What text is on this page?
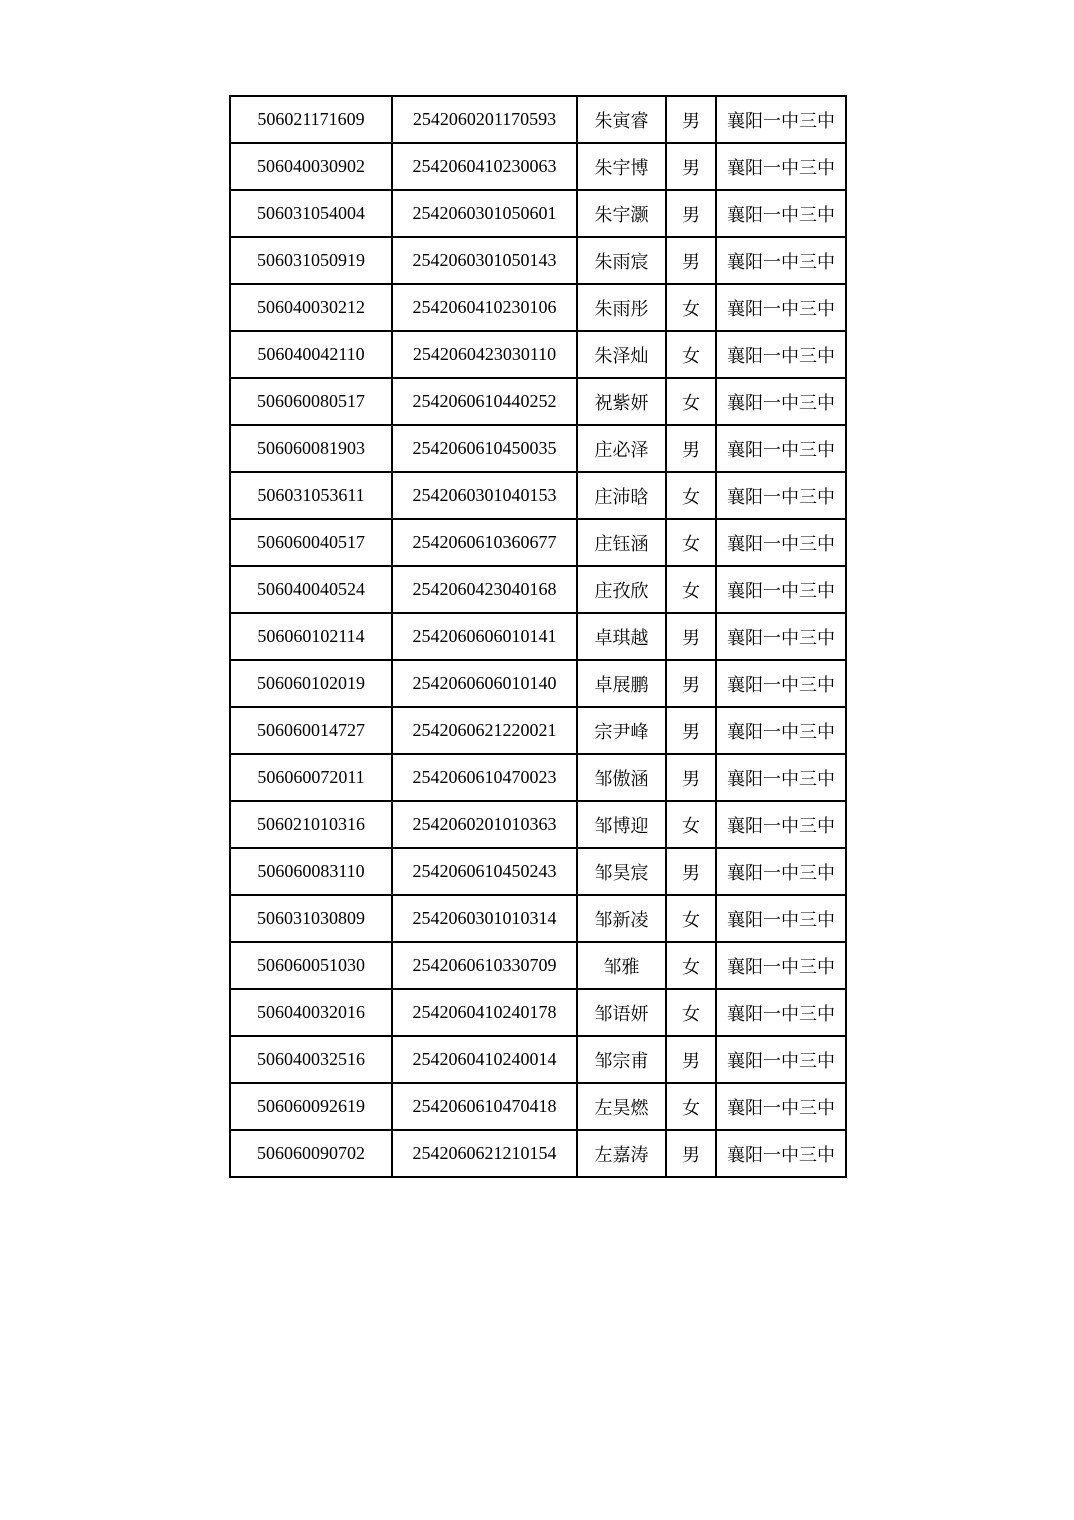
506021171609	2542060201170593	朱寅睿	男	襄阳一中三中
506040030902	2542060410230063	朱宇博	男	襄阳一中三中
506031054004	2542060301050601	朱宇灏	男	襄阳一中三中
506031050919	2542060301050143	朱雨宸	男	襄阳一中三中
506040030212	2542060410230106	朱雨彤	女	襄阳一中三中
506040042110	2542060423030110	朱泽灿	女	襄阳一中三中
506060080517	2542060610440252	祝紫妍	女	襄阳一中三中
506060081903	2542060610450035	庄必泽	男	襄阳一中三中
506031053611	2542060301040153	庄沛晗	女	襄阳一中三中
506060040517	2542060610360677	庄钰涵	女	襄阳一中三中
506040040524	2542060423040168	庄孜欣	女	襄阳一中三中
506060102114	2542060606010141	卓琪越	男	襄阳一中三中
506060102019	2542060606010140	卓展鹏	男	襄阳一中三中
506060014727	2542060621220021	宗尹峰	男	襄阳一中三中
506060072011	2542060610470023	邹傲涵	男	襄阳一中三中
506021010316	2542060201010363	邹博迎	女	襄阳一中三中
506060083110	2542060610450243	邹昊宸	男	襄阳一中三中
506031030809	2542060301010314	邹新凌	女	襄阳一中三中
506060051030	2542060610330709	邹雅	女	襄阳一中三中
506040032016	2542060410240178	邹语妍	女	襄阳一中三中
506040032516	2542060410240014	邹宗甫	男	襄阳一中三中
506060092619	2542060610470418	左昊燃	女	襄阳一中三中
506060090702	2542060621210154	左嘉涛	男	襄阳一中三中
